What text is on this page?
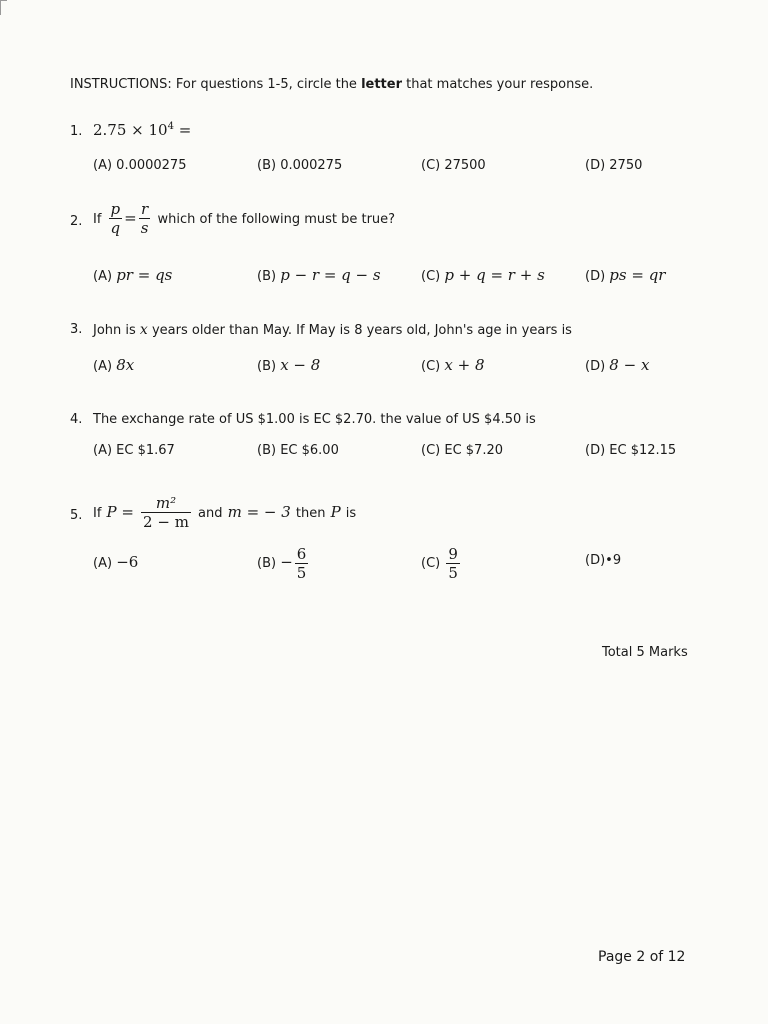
INSTRUCTIONS: For questions 1-5, circle the letter that matches your response.
1. $2.75 \times 10^4$ =
(A) 0.0000275	(B) 0.000275	(C) 27500	(D) 2750
2. If $\frac{p}{q} = \frac{r}{s}$ which of the following must be true?
(A) pr = qs	(B) p − r = q − s	(C) p + q = r + s	(D) ps = qr
3. John is x years older than May. If May is 8 years old, John's age in years is
(A) 8x	(B) x − 8	(C) x + 8	(D) 8 − x
4. The exchange rate of US $1.00 is EC $2.70. the value of US $4.50 is
(A) EC $1.67	(B) EC $6.00	(C) EC $7.20	(D) EC $12.15
5. If $P = \frac{\text{m²}}{2 - m}$ and m = − 3 then P is
(A) −6	$(B) - \frac{6}{5}$	$(C) \frac{9}{5}$	(D)•9
Total 5 Marks
Page 2 of 12
